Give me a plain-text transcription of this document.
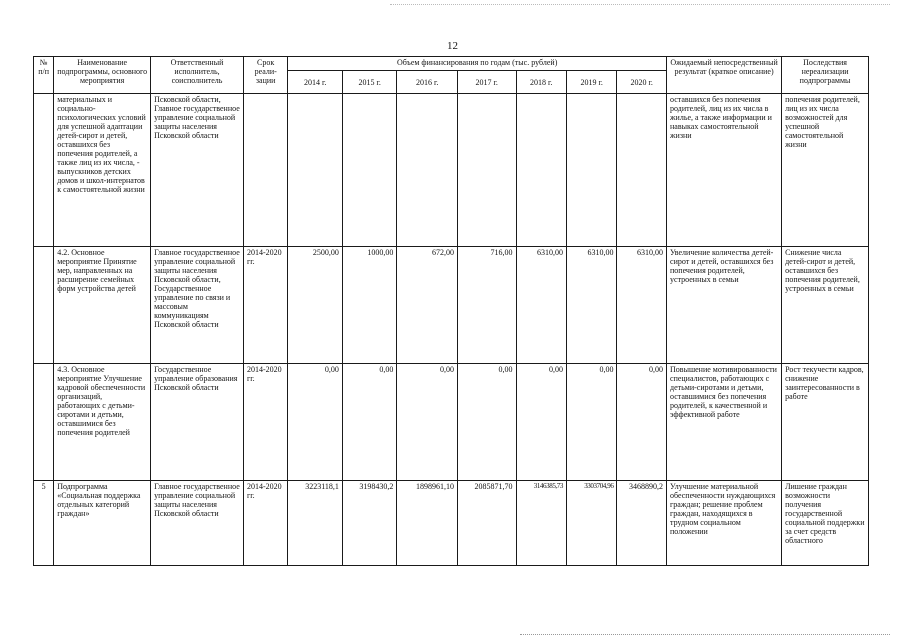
12
№ п/п	Наименование подпрограммы, основного мероприятия	Ответственный исполнитель, соисполнитель	Срок реали-зации	Объем финансирования по годам (тыс. рублей)							Ожидаемый непосредственный результат (краткое описание)	Последствия нереализации подпрограммы
				2014 г.	2015 г.	2016 г.	2017 г.	2018 г.	2019 г.	2020 г.		
	материальных и социально-психологических условий для успешной адаптации детей-сирот и детей, оставшихся без попечения родителей, а также лиц из их числа, - выпускников детских домов и школ-интернатов к самостоятельной жизни	Псковской области, Главное государственное управление социальной защиты населения Псковской области									оставшихся без попечения родителей, лиц из их числа в жилье, а также информации и навыках самостоятельной жизни	попечения родителей, лиц из их числа возможностей для успешной самостоятельной жизни
	4.2. Основное мероприятие Принятие мер, направленных на расширение семейных форм устройства детей	Главное государственное управление социальной защиты населения Псковской области, Государственное управление по связи и массовым коммуникациям Псковской области	2014-2020 гг.	2500,00	1000,00	672,00	716,00	6310,00	6310,00	6310,00	Увеличение количества детей-сирот и детей, оставшихся без попечения родителей, устроенных в семьи	Снижение числа детей-сирот и детей, оставшихся без попечения родителей, устроенных в семьи
	4.3. Основное мероприятие Улучшение кадровой обеспеченности организаций, работающих с детьми-сиротами и детьми, оставшимися без попечения родителей	Государственное управление образования Псковской области	2014-2020 гг.	0,00	0,00	0,00	0,00	0,00	0,00	0,00	Повышение мотивированности специалистов, работающих с детьми-сиротами и детьми, оставшимися без попечения родителей, к качественной и эффективной работе	Рост текучести кадров, снижение заинтересованности в работе
5	Подпрограмма «Социальная поддержка отдельных категорий граждан»	Главное государственное управление социальной защиты населения Псковской области	2014-2020 гг.	3223118,1	3198430,2	1898961,10	2085871,70	3146385,73	3303704,96	3468890,2	Улучшение материальной обеспеченности нуждающихся граждан; решение проблем граждан, находящихся в трудном социальном положении	Лишение граждан возможности получения государственной социальной поддержки за счет средств областного
